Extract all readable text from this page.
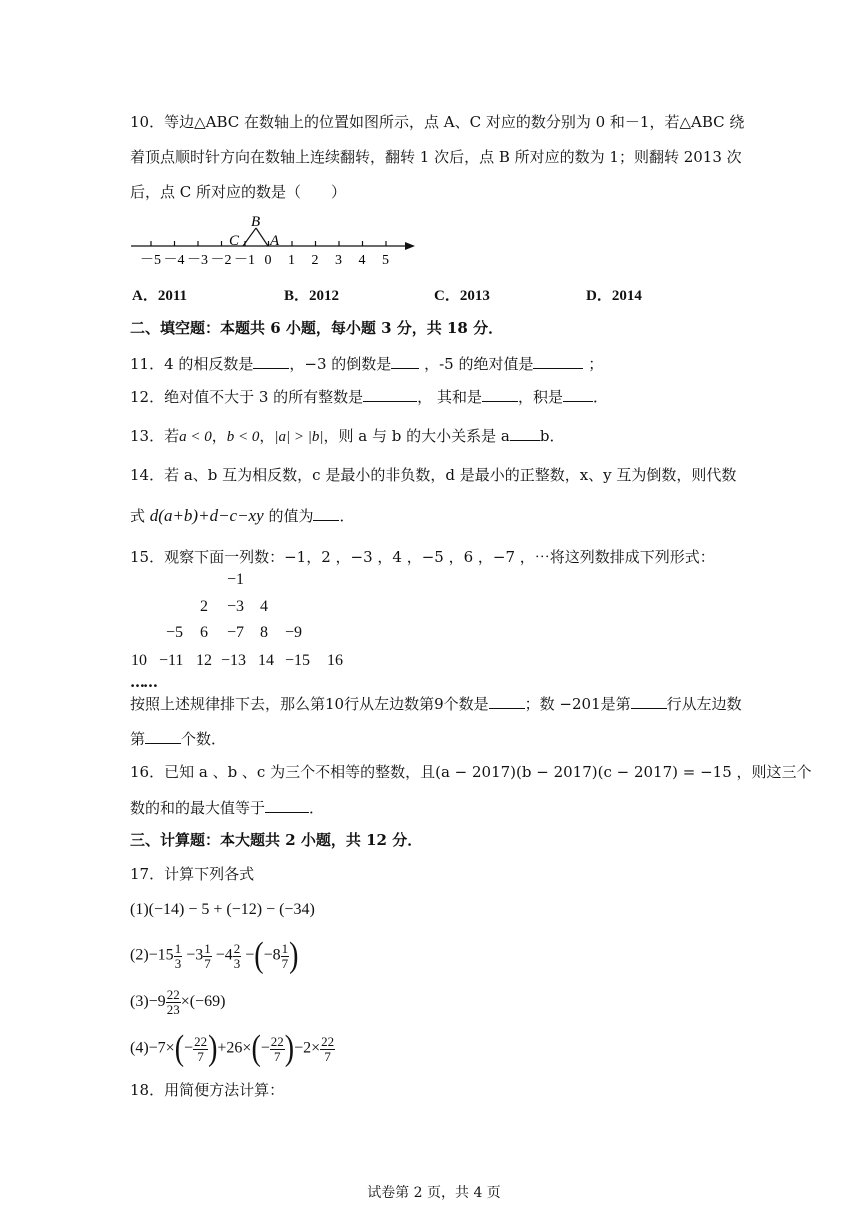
10．等边△ABC 在数轴上的位置如图所示，点 A、C 对应的数分别为 0 和－1，若△ABC 绕
着顶点顺时针方向在数轴上连续翻转，翻转 1 次后，点 B 所对应的数为 1；则翻转 2013 次
后，点 C 所对应的数是（　　）
－5 －4 －3 －2 －1 0 1 2 3 4 5
B
C A
A．2011	B．2012	C．2013	D．2014
二、填空题：本题共 6 小题，每小题 3 分，共 18 分．
11．4 的相反数是 ，−3 的倒数是 ，-5 的绝对值是	；
12．绝对值不大于 3 的所有整数是	， 其和是 ，积是 ．
13．若a < 0，b < 0，|a| > |b|，则 a 与 b 的大小关系是 a b．
14．若 a、b 互为相反数，c 是最小的非负数，d 是最小的正整数，x、y 互为倒数，则代数
式 d(a+b)+d−c−xy 的值为 ．
15．观察下面一列数：−1，2 ，−3 ，4 ，−5 ，6 ，−7 ，⋯将这列数排成下列形式：
−1
2 −3 4
−5 6 −7 8 −9
10 −11 12 −13 14 −15 16
……
按照上述规律排下去，那么第10行从左边数第9个数是 ；数 −201是第 行从左边数
第 个数．
16．已知 a 、b 、c 为三个不相等的整数，且(a − 2017)(b − 2017)(c − 2017) = −15 ，则这三个
数的和的最大值等于	．
三、计算题：本大题共 2 小题，共 12 分．
17．计算下列各式
(1)(−14) − 5 + (−12) − (−34)
$(2)-15 \frac{1}{3} -3 \frac{1}{7} -4 \frac{2}{3} -(-8 \frac{1}{7}$ )
$(3)-9 \frac{22}{23} \times(-69)$
$(4)-7\times(- \frac{22}{7} )+26\times(- \frac{22}{7} )-2\times \frac{22}{7}$
18．用简便方法计算：
试卷第 2 页，共 4 页
